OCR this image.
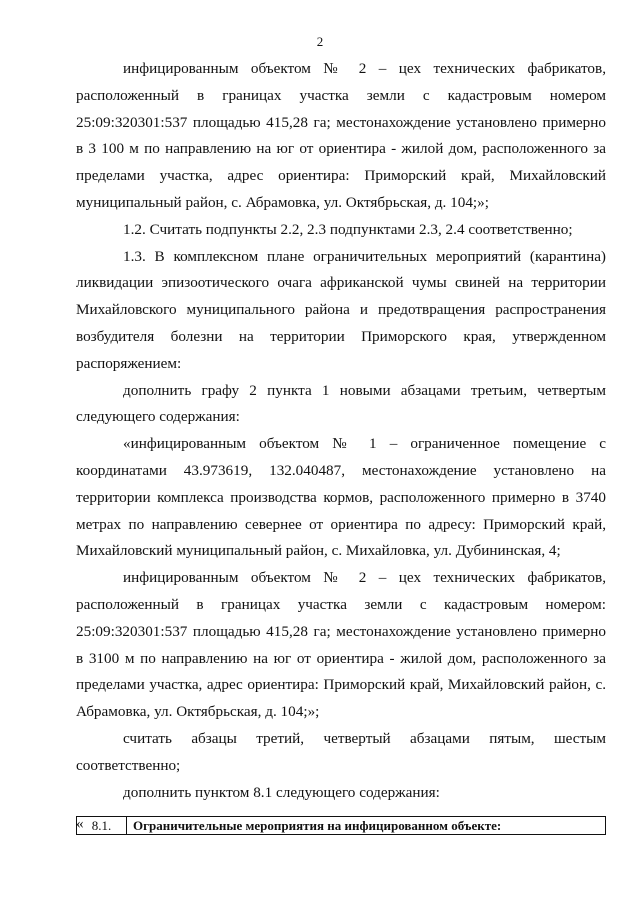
2

инфицированным объектом № 2 – цех технических фабрикатов, расположенный в границах участка земли с кадастровым номером 25:09:320301:537 площадью 415,28 га; местонахождение установлено примерно в 3 100 м по направлению на юг от ориентира - жилой дом, расположенного за пределами участка, адрес ориентира: Приморский край, Михайловский муниципальный район, с. Абрамовка, ул. Октябрьская, д. 104;»;

1.2. Считать подпункты 2.2, 2.3 подпунктами 2.3, 2.4 соответственно;

1.3. В комплексном плане ограничительных мероприятий (карантина) ликвидации эпизоотического очага африканской чумы свиней на территории Михайловского муниципального района и предотвращения распространения возбудителя болезни на территории Приморского края, утвержденном распоряжением:

дополнить графу 2 пункта 1 новыми абзацами третьим, четвертым следующего содержания:

«инфицированным объектом № 1 – ограниченное помещение с координатами 43.973619, 132.040487, местонахождение установлено на территории комплекса производства кормов, расположенного примерно в 3740 метрах по направлению севернее от ориентира по адресу: Приморский край, Михайловский муниципальный район, с. Михайловка, ул. Дубининская, 4;

инфицированным объектом № 2 – цех технических фабрикатов, расположенный в границах участка земли с кадастровым номером: 25:09:320301:537 площадью 415,28 га; местонахождение установлено примерно в 3100 м по направлению на юг от ориентира - жилой дом, расположенного за пределами участка, адрес ориентира: Приморский край, Михайловский район, с. Абрамовка, ул. Октябрьская, д. 104;»;

считать абзацы третий, четвертый абзацами пятым, шестым соответственно;

дополнить пунктом 8.1 следующего содержания:

« 8.1.	Ограничительные мероприятия на инфицированном объекте:
